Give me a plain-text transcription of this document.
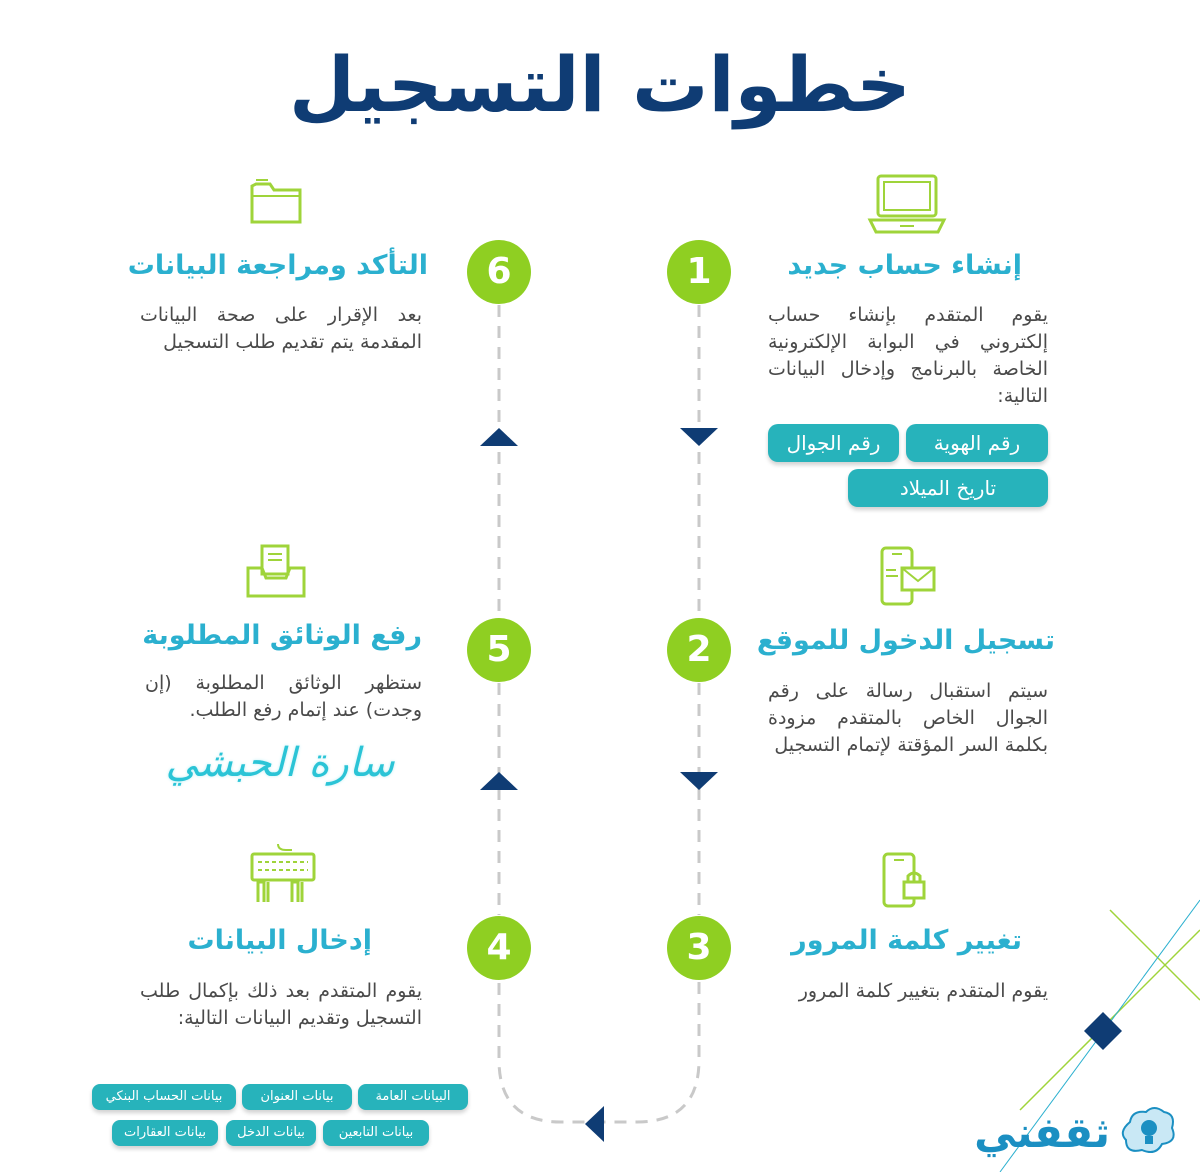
خطوات التسجيل
1	إنشاء حساب جديد
يقوم المتقدم بإنشاء حساب إلكتروني في البوابة الإلكترونية الخاصة بالبرنامج وإدخال البيانات التالية:
رقم الهوية
رقم الجوال
تاريخ الميلاد
2	تسجيل الدخول للموقع
سيتم استقبال رسالة على رقم الجوال الخاص بالمتقدم مزودة بكلمة السر المؤقتة لإتمام التسجيل
3	تغيير كلمة المرور
يقوم المتقدم بتغيير كلمة المرور
6
التأكد ومراجعة البيانات
بعد الإقرار على صحة البيانات المقدمة يتم تقديم طلب التسجيل
5
رفع الوثائق المطلوبة
ستظهر الوثائق المطلوبة (إن وجدت) عند إتمام رفع الطلب.
سارة الحبشي
4
إدخال البيانات
يقوم المتقدم بعد ذلك بإكمال طلب التسجيل وتقديم البيانات التالية:
البيانات العامة
بيانات العنوان
بيانات الحساب البنكي
بيانات التابعين
بيانات الدخل
بيانات العقارات	ثقفني
